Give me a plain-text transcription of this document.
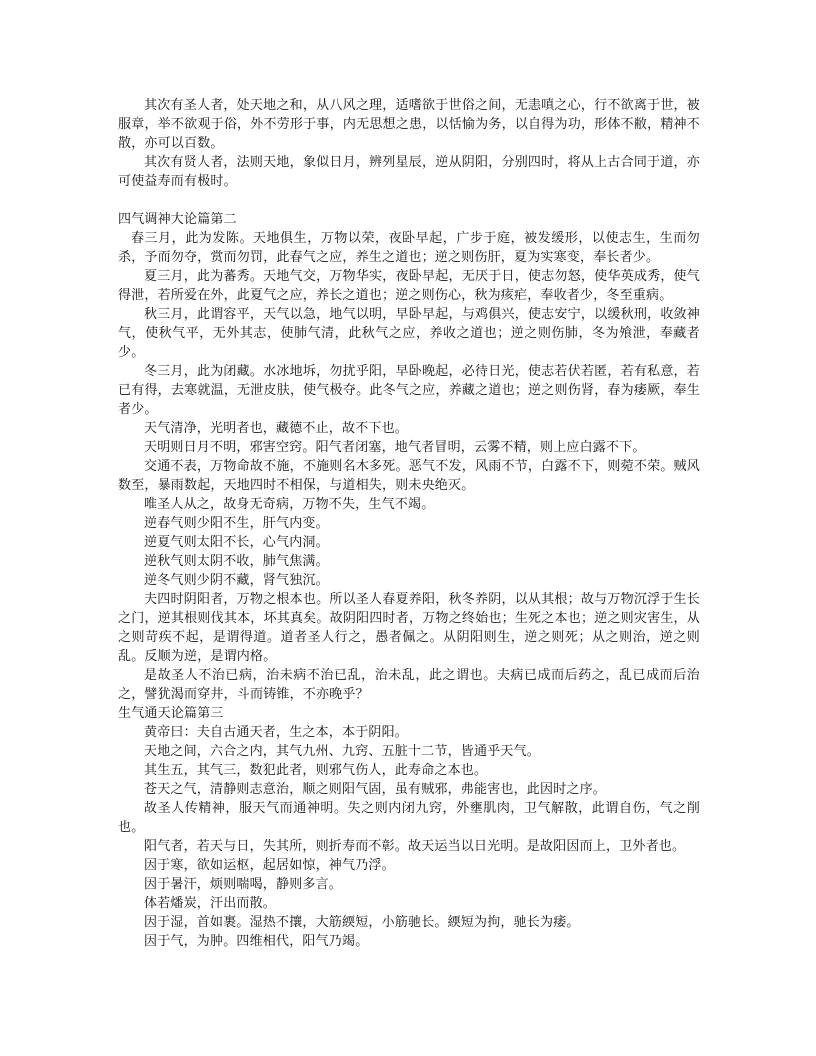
其次有圣人者，处天地之和，从八风之理，适嗜欲于世俗之间，无恚嗔之心，行不欲离于世，被服章，举不欲观于俗，外不劳形于事，内无思想之患，以恬愉为务，以自得为功，形体不敝，精神不散，亦可以百数。

其次有贤人者，法则天地，象似日月，辨列星辰，逆从阴阳，分别四时，将从上古合同于道，亦可使益寿而有极时。

四气调神大论篇第二

春三月，此为发陈。天地俱生，万物以荣，夜卧早起，广步于庭，被发缓形，以使志生，生而勿杀，予而勿夺，赏而勿罚，此春气之应，养生之道也；逆之则伤肝，夏为实寒变，奉长者少。

夏三月，此为蕃秀。天地气交，万物华实，夜卧早起，无厌于日，使志勿怒，使华英成秀，使气得泄，若所爱在外，此夏气之应，养长之道也；逆之则伤心，秋为痎疟，奉收者少，冬至重病。

秋三月，此谓容平，天气以急，地气以明，早卧早起，与鸡俱兴，使志安宁，以缓秋刑，收敛神气，使秋气平，无外其志，使肺气清，此秋气之应，养收之道也；逆之则伤肺，冬为飧泄，奉藏者少。

冬三月，此为闭藏。水冰地坼，勿扰乎阳，早卧晚起，必待日光，使志若伏若匿，若有私意，若已有得，去寒就温，无泄皮肤，使气极夺。此冬气之应，养藏之道也；逆之则伤肾，春为痿厥，奉生者少。

天气清净，光明者也，藏德不止，故不下也。

天明则日月不明，邪害空窍。阳气者闭塞，地气者冒明，云雾不精，则上应白露不下。

交通不表，万物命故不施，不施则名木多死。恶气不发，风雨不节，白露不下，则菀不荣。贼风数至，暴雨数起，天地四时不相保，与道相失，则未央绝灭。

唯圣人从之，故身无奇病，万物不失，生气不竭。

逆春气则少阳不生，肝气内变。

逆夏气则太阳不长，心气内洞。

逆秋气则太阴不收，肺气焦满。

逆冬气则少阴不藏，肾气独沉。

夫四时阴阳者，万物之根本也。所以圣人春夏养阳，秋冬养阴，以从其根；故与万物沉浮于生长之门，逆其根则伐其本，坏其真矣。故阴阳四时者，万物之终始也；生死之本也；逆之则灾害生，从之则苛疾不起，是谓得道。道者圣人行之，愚者佩之。从阴阳则生，逆之则死；从之则治，逆之则乱。反顺为逆，是谓内格。

是故圣人不治已病，治未病不治已乱，治未乱，此之谓也。夫病已成而后药之，乱已成而后治之，譬犹渴而穿井，斗而铸锥，不亦晚乎？

生气通天论篇第三

黄帝曰：夫自古通天者，生之本，本于阴阳。

天地之间，六合之内，其气九州、九窍、五脏十二节，皆通乎天气。

其生五，其气三，数犯此者，则邪气伤人，此寿命之本也。

苍天之气，清静则志意治，顺之则阳气固，虽有贼邪，弗能害也，此因时之序。

故圣人传精神，服天气而通神明。失之则内闭九窍，外壅肌肉，卫气解散，此谓自伤，气之削也。

阳气者，若天与日，失其所，则折寿而不彰。故天运当以日光明。是故阳因而上，卫外者也。

因于寒，欲如运枢，起居如惊，神气乃浮。

因于暑汗，烦则喘喝，静则多言。

体若燔炭，汗出而散。

因于湿，首如裹。湿热不攘，大筋緛短，小筋驰长。緛短为拘，驰长为痿。

因于气，为肿。四维相代，阳气乃竭。
